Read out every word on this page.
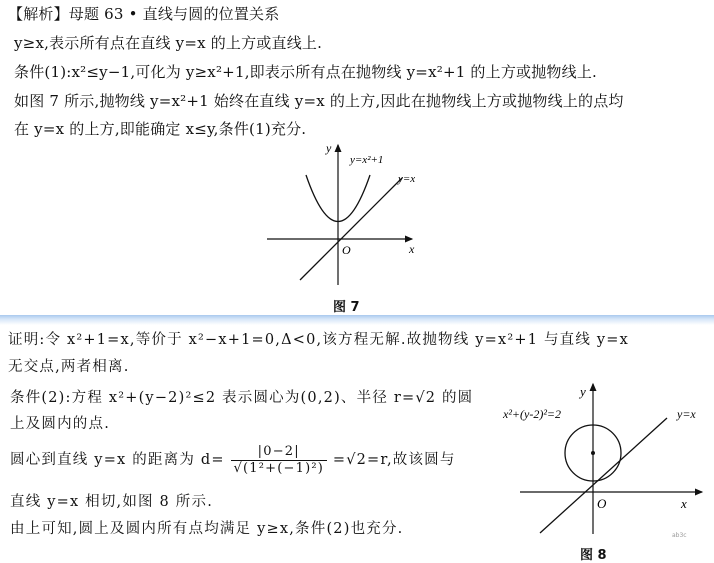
【解析】母题 63 • 直线与圆的位置关系
y≥x,表示所有点在直线 y=x 的上方或直线上.
条件(1):x²≤y−1,可化为 y≥x²+1,即表示所有点在抛物线 y=x²+1 的上方或抛物线上.
如图 7 所示,抛物线 y=x²+1 始终在直线 y=x 的上方,因此在抛物线上方或抛物线上的点均
在 y=x 的上方,即能确定 x≤y,条件(1)充分.
y
x
O
y=x²+1
y=x
图 7
证明:令 x²+1=x,等价于 x²−x+1=0,Δ<0,该方程无解.故抛物线 y=x²+1 与直线 y=x
无交点,两者相离.
条件(2):方程 x²+(y−2)²≤2 表示圆心为(0,2)、半径 r=√2 的圆
上及圆内的点.
圆心到直线 y=x 的距离为 $d= \frac{|0-2|}{\text{√(1²+(−1)²)}} =√2=r$,故该圆与
直线 y=x 相切,如图 8 所示.
由上可知,圆上及圆内所有点均满足 y≥x,条件(2)也充分.
y
x
O
x²+(y-2)²=2	y=x
图 8
ab3c
